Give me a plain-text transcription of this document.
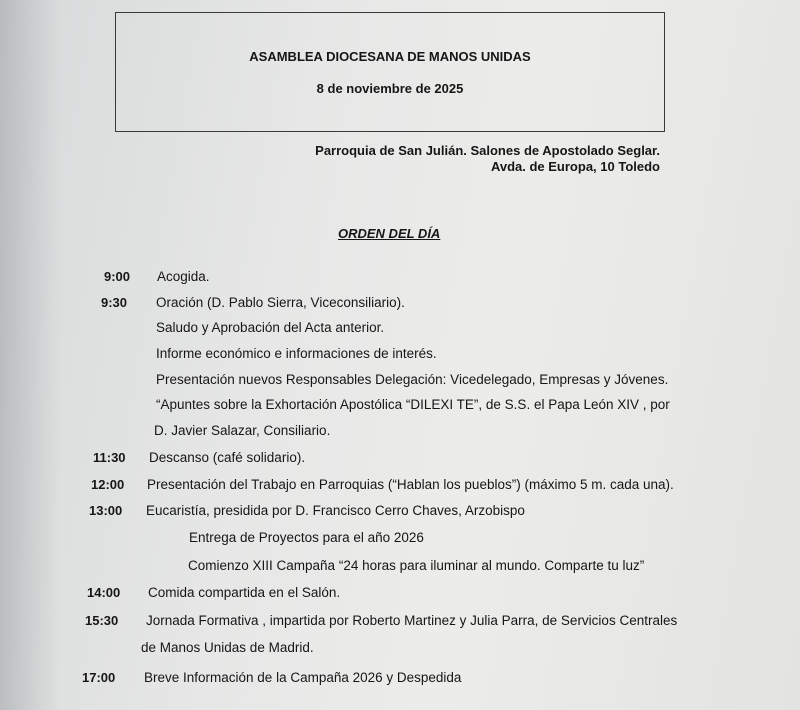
ASAMBLEA DIOCESANA DE MANOS UNIDAS
8 de noviembre de 2025
Parroquia de San Julián. Salones de Apostolado Seglar.
Avda. de Europa, 10 Toledo
ORDEN DEL DÍA
9:00
9:30
11:30
12:00
13:00
14:00
15:30
17:00
Acogida.
Oración (D. Pablo Sierra, Viceconsiliario).
Saludo y Aprobación del Acta anterior.
Informe económico e informaciones de interés.
Presentación nuevos Responsables Delegación: Vicedelegado, Empresas y Jóvenes.
“Apuntes sobre la Exhortación Apostólica “DILEXI TE”, de S.S. el Papa León XIV , por
D. Javier Salazar, Consiliario.
Descanso (café solidario).
Presentación del Trabajo en Parroquias (“Hablan los pueblos”) (máximo 5 m. cada una).
Eucaristía, presidida por D. Francisco Cerro Chaves, Arzobispo
Entrega de Proyectos para el año 2026
Comienzo XIII Campaña “24 horas para iluminar al mundo. Comparte tu luz”
Comida compartida en el Salón.
Jornada Formativa , impartida por Roberto Martinez y Julia Parra, de Servicios Centrales
de Manos Unidas de Madrid.
Breve Información de la Campaña 2026 y Despedida
